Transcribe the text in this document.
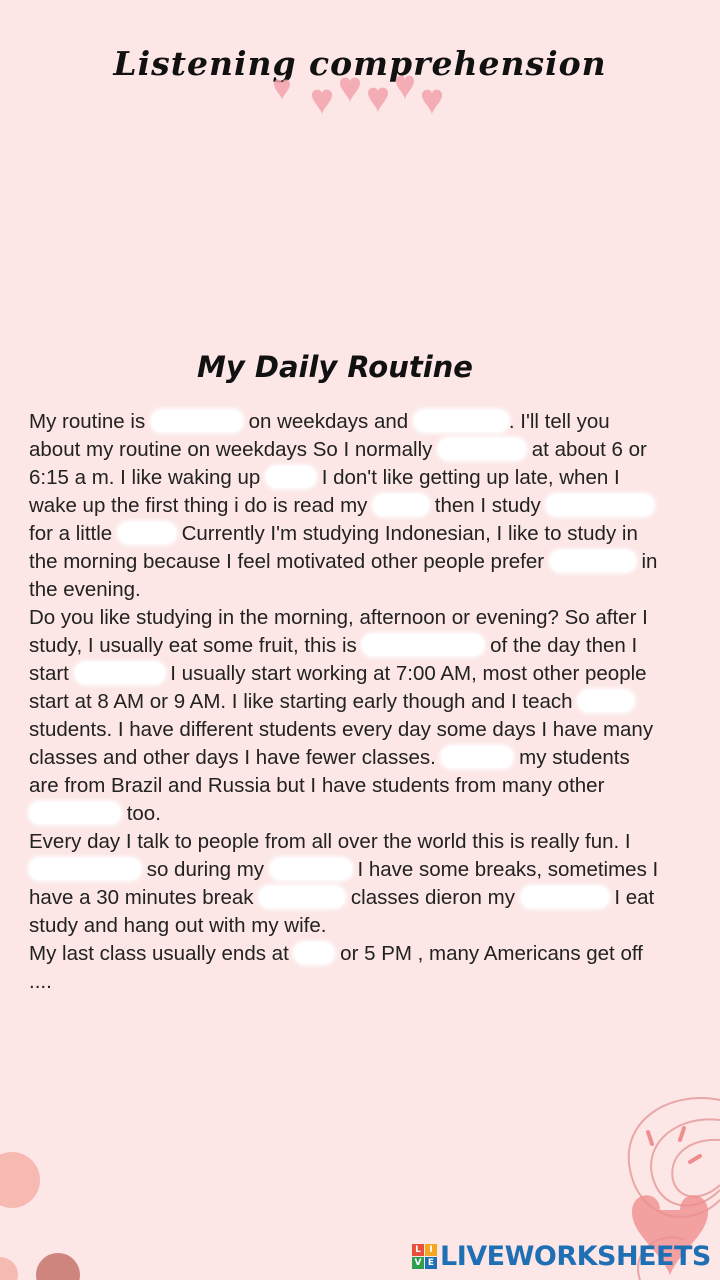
Listening comprehension
My Daily Routine

My routine is	on weekdays and	. I'll tell you about my routine on weekdays So I normally	at about 6 or 6:15 a m. I like waking up  I don't like getting up late, when I wake up the first thing i do is read my	then I study  for a little	Currently I'm studying Indonesian, I like to study in the morning because I feel motivated other people prefer	in the evening.

Do you like studying in the morning, afternoon or evening? So after I study, I usually eat some fruit, this is	of the day then I start	I usually start working at 7:00 AM, most other people start at 8 AM or 9 AM. I like starting early though and I teach  students. I have different students every day some days I have many classes and other days I have fewer classes.	my students are from Brazil and Russia but I have students from many other  too.

Every day I talk to people from all over the world this is really fun. I  so during my	I have some breaks, sometimes I have a 30 minutes break	classes dieron my	I eat study and hang out with my wife.

My last class usually ends at  or 5 PM , many Americans get off ....

L I
V E LIVEWORKSHEETS
